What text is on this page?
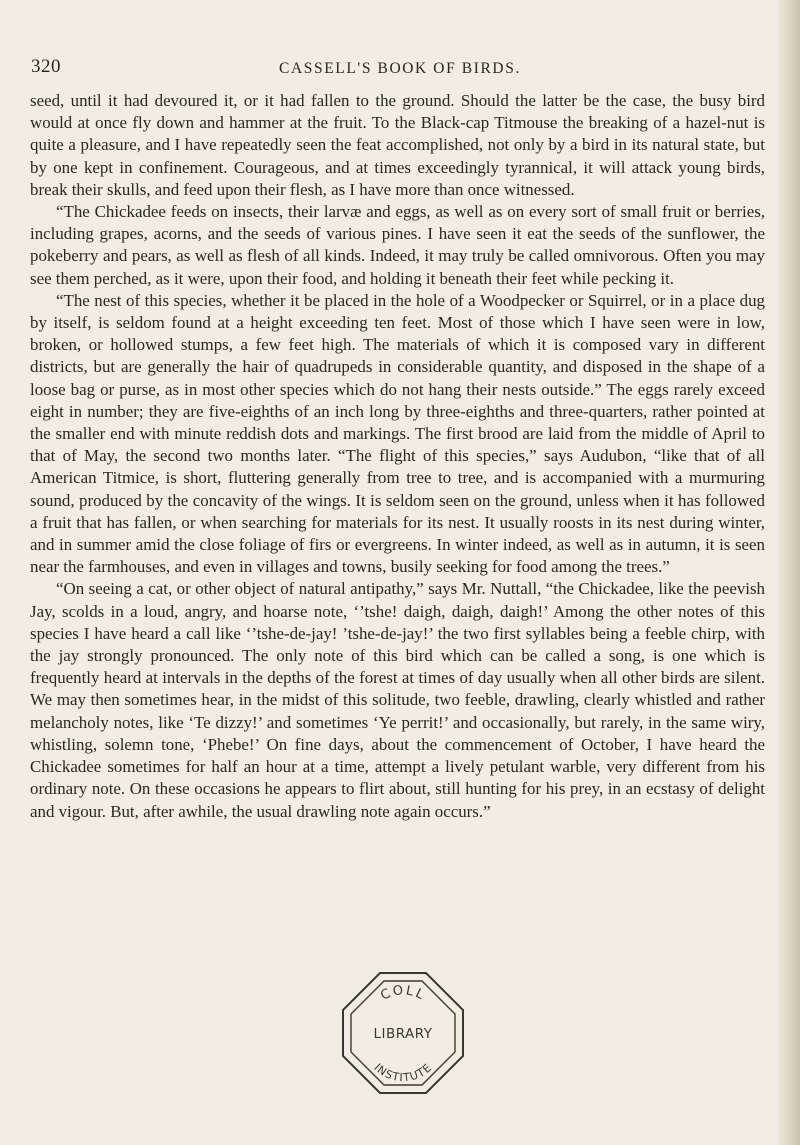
320	CASSELL'S BOOK OF BIRDS.

seed, until it had devoured it, or it had fallen to the ground. Should the latter be the case, the busy bird would at once fly down and hammer at the fruit. To the Black-cap Titmouse the breaking of a hazel-nut is quite a pleasure, and I have repeatedly seen the feat accomplished, not only by a bird in its natural state, but by one kept in confinement. Courageous, and at times exceedingly tyrannical, it will attack young birds, break their skulls, and feed upon their flesh, as I have more than once witnessed.

“The Chickadee feeds on insects, their larvæ and eggs, as well as on every sort of small fruit or berries, including grapes, acorns, and the seeds of various pines. I have seen it eat the seeds of the sunflower, the pokeberry and pears, as well as flesh of all kinds. Indeed, it may truly be called omnivorous. Often you may see them perched, as it were, upon their food, and holding it beneath their feet while pecking it.

“The nest of this species, whether it be placed in the hole of a Woodpecker or Squirrel, or in a place dug by itself, is seldom found at a height exceeding ten feet. Most of those which I have seen were in low, broken, or hollowed stumps, a few feet high. The materials of which it is composed vary in different districts, but are generally the hair of quadrupeds in considerable quantity, and disposed in the shape of a loose bag or purse, as in most other species which do not hang their nests outside.” The eggs rarely exceed eight in number; they are five-eighths of an inch long by three-eighths and three-quarters, rather pointed at the smaller end with minute reddish dots and markings. The first brood are laid from the middle of April to that of May, the second two months later. “The flight of this species,” says Audubon, “like that of all American Titmice, is short, fluttering generally from tree to tree, and is accompanied with a murmuring sound, produced by the concavity of the wings. It is seldom seen on the ground, unless when it has followed a fruit that has fallen, or when searching for materials for its nest. It usually roosts in its nest during winter, and in summer amid the close foliage of firs or evergreens. In winter indeed, as well as in autumn, it is seen near the farmhouses, and even in villages and towns, busily seeking for food among the trees.”

“On seeing a cat, or other object of natural antipathy,” says Mr. Nuttall, “the Chickadee, like the peevish Jay, scolds in a loud, angry, and hoarse note, ‘’tshe! daigh, daigh, daigh!’ Among the other notes of this species I have heard a call like ‘’tshe-de-jay! ’tshe-de-jay!’ the two first syllables being a feeble chirp, with the jay strongly pronounced. The only note of this bird which can be called a song, is one which is frequently heard at intervals in the depths of the forest at times of day usually when all other birds are silent. We may then sometimes hear, in the midst of this solitude, two feeble, drawling, clearly whistled and rather melancholy notes, like ‘Te dizzy!’ and sometimes ‘Ye perrit!’ and occasionally, but rarely, in the same wiry, whistling, solemn tone, ‘Phebe!’ On fine days, about the commencement of October, I have heard the Chickadee sometimes for half an hour at a time, attempt a lively petulant warble, very different from his ordinary note. On these occasions he appears to flirt about, still hunting for his prey, in an ecstasy of delight and vigour. But, after awhile, the usual drawling note again occurs.”

COLL
LIBRARY
INSTITUTE
